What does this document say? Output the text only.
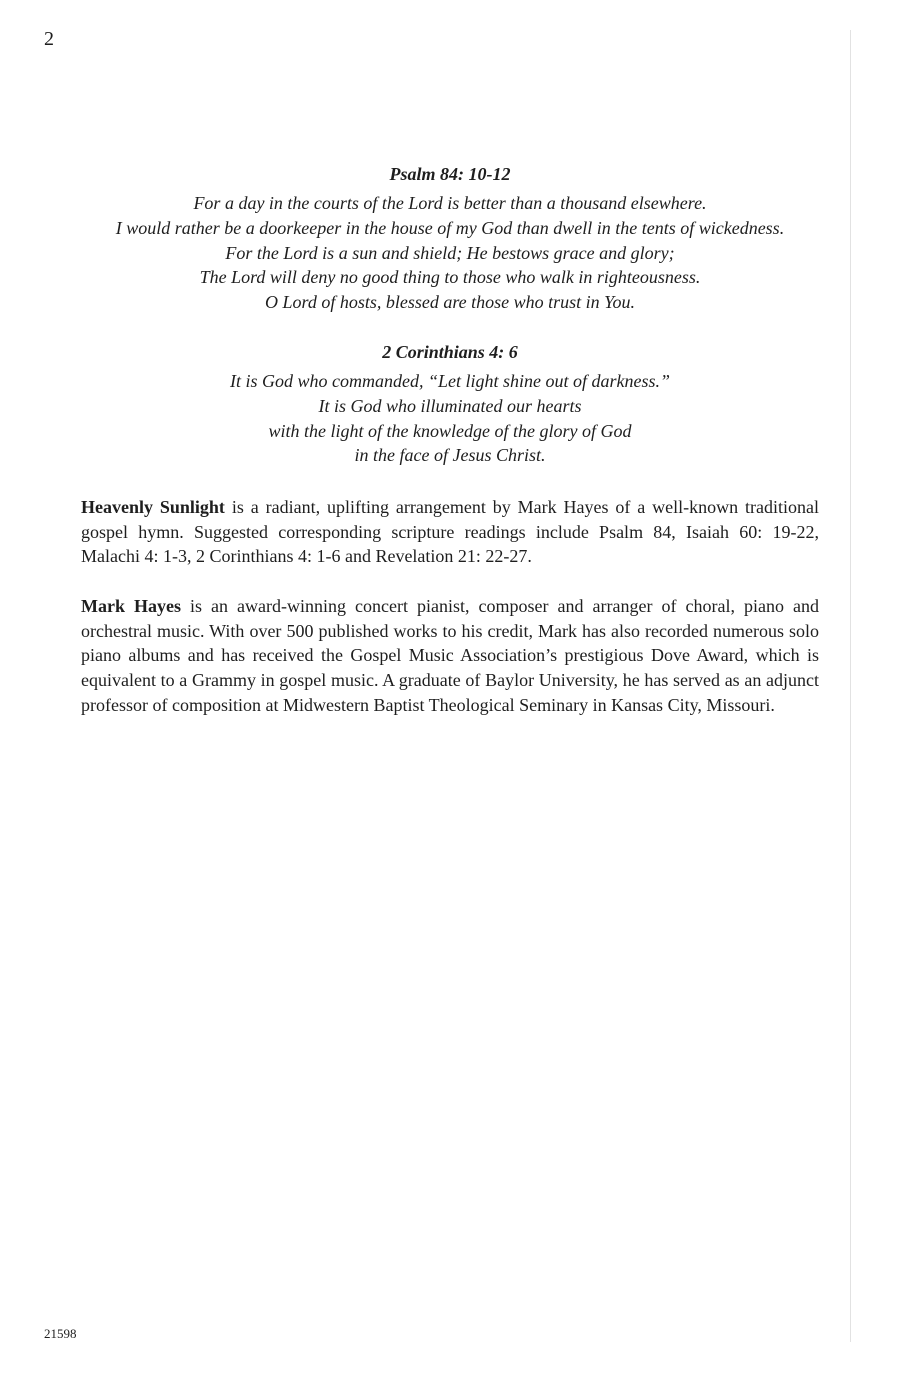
2
Psalm 84: 10-12
For a day in the courts of the Lord is better than a thousand elsewhere.
I would rather be a doorkeeper in the house of my God than dwell in the tents of wickedness.
For the Lord is a sun and shield; He bestows grace and glory;
The Lord will deny no good thing to those who walk in righteousness.
O Lord of hosts, blessed are those who trust in You.
2 Corinthians 4: 6
It is God who commanded, “Let light shine out of darkness.”
It is God who illuminated our hearts
with the light of the knowledge of the glory of God
in the face of Jesus Christ.

Heavenly Sunlight is a radiant, uplifting arrangement by Mark Hayes of a well-known traditional gospel hymn. Suggested corresponding scripture readings include Psalm 84, Isaiah 60: 19-22, Malachi 4: 1-3, 2 Corinthians 4: 1-6 and Revelation 21: 22-27.

Mark Hayes is an award-winning concert pianist, composer and arranger of choral, piano and orchestral music. With over 500 published works to his credit, Mark has also recorded numerous solo piano albums and has received the Gospel Music Association’s prestigious Dove Award, which is equivalent to a Grammy in gospel music. A graduate of Baylor University, he has served as an adjunct professor of composition at Midwestern Baptist Theological Seminary in Kansas City, Missouri.

21598
